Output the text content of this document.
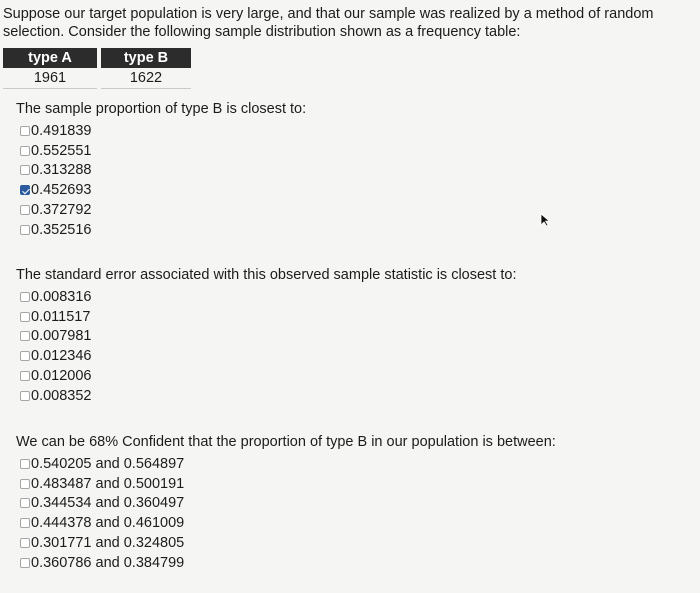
Suppose our target population is very large, and that our sample was realized by a method of random selection. Consider the following sample distribution shown as a frequency table:
type A		type B
1961		1622
The sample proportion of type B is closest to:
0.491839
0.552551
0.313288
0.452693
0.372792
0.352516
The standard error associated with this observed sample statistic is closest to:
0.008316
0.011517
0.007981
0.012346
0.012006
0.008352
We can be 68% Confident that the proportion of type B in our population is between:
0.540205 and 0.564897
0.483487 and 0.500191
0.344534 and 0.360497
0.444378 and 0.461009
0.301771 and 0.324805
0.360786 and 0.384799
